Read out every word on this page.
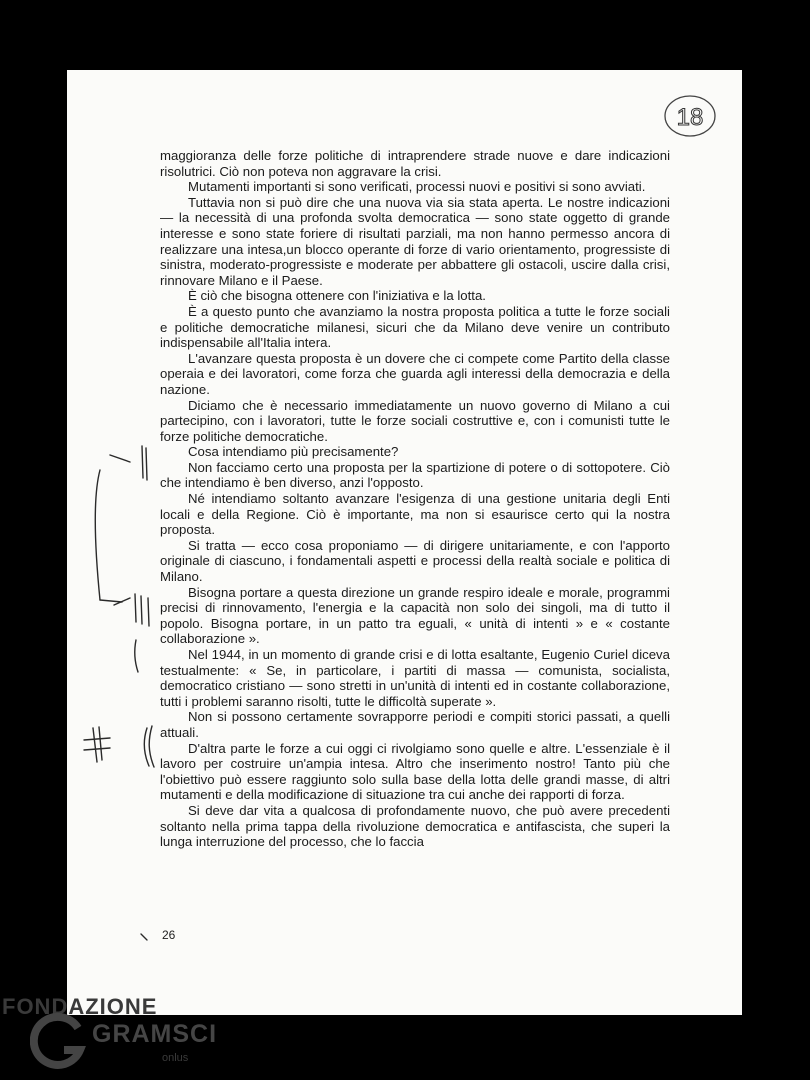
18

maggioranza delle forze politiche di intraprendere strade nuove e dare indicazioni risolutrici. Ciò non poteva non aggravare la crisi.

Mutamenti importanti si sono verificati, processi nuovi e positivi si sono avviati.

Tuttavia non si può dire che una nuova via sia stata aperta. Le nostre indicazioni — la necessità di una profonda svolta democratica — sono state oggetto di grande interesse e sono state foriere di risultati parziali, ma non hanno permesso ancora di realizzare una intesa,un blocco operante di forze di vario orientamento, progressiste di sinistra, moderato-progressiste e moderate per abbattere gli ostacoli, uscire dalla crisi, rinnovare Milano e il Paese.

È ciò che bisogna ottenere con l'iniziativa e la lotta.

È a questo punto che avanziamo la nostra proposta politica a tutte le forze sociali e politiche democratiche milanesi, sicuri che da Milano deve venire un contributo indispensabile all'Italia intera.

L'avanzare questa proposta è un dovere che ci compete come Partito della classe operaia e dei lavoratori, come forza che guarda agli interessi della democrazia e della nazione.

Diciamo che è necessario immediatamente un nuovo governo di Milano a cui partecipino, con i lavoratori, tutte le forze sociali costruttive e, con i comunisti tutte le forze politiche democratiche.

Cosa intendiamo più precisamente?

Non facciamo certo una proposta per la spartizione di potere o di sottopotere. Ciò che intendiamo è ben diverso, anzi l'opposto.

Né intendiamo soltanto avanzare l'esigenza di una gestione unitaria degli Enti locali e della Regione. Ciò è importante, ma non si esaurisce certo qui la nostra proposta.

Si tratta — ecco cosa proponiamo — di dirigere unitariamente, e con l'apporto originale di ciascuno, i fondamentali aspetti e processi della realtà sociale e politica di Milano.

Bisogna portare a questa direzione un grande respiro ideale e morale, programmi precisi di rinnovamento, l'energia e la capacità non solo dei singoli, ma di tutto il popolo. Bisogna portare, in un patto tra eguali, « unità di intenti » e « costante collaborazione ».

Nel 1944, in un momento di grande crisi e di lotta esaltante, Eugenio Curiel diceva testualmente: « Se, in particolare, i partiti di massa — comunista, socialista, democratico cristiano — sono stretti in un'unità di intenti ed in costante collaborazione, tutti i problemi saranno risolti, tutte le difficoltà superate ».

Non si possono certamente sovrapporre periodi e compiti storici passati, a quelli attuali.

D'altra parte le forze a cui oggi ci rivolgiamo sono quelle e altre. L'essenziale è il lavoro per costruire un'ampia intesa. Altro che inserimento nostro! Tanto più che l'obiettivo può essere raggiunto solo sulla base della lotta delle grandi masse, di altri mutamenti e della modificazione di situazione tra cui anche dei rapporti di forza.

Si deve dar vita a qualcosa di profondamente nuovo, che può avere precedenti soltanto nella prima tappa della rivoluzione democratica e antifascista, che superi la lunga interruzione del processo, che lo faccia

26
FONDAZIONE
GRAMSCI
onlus
